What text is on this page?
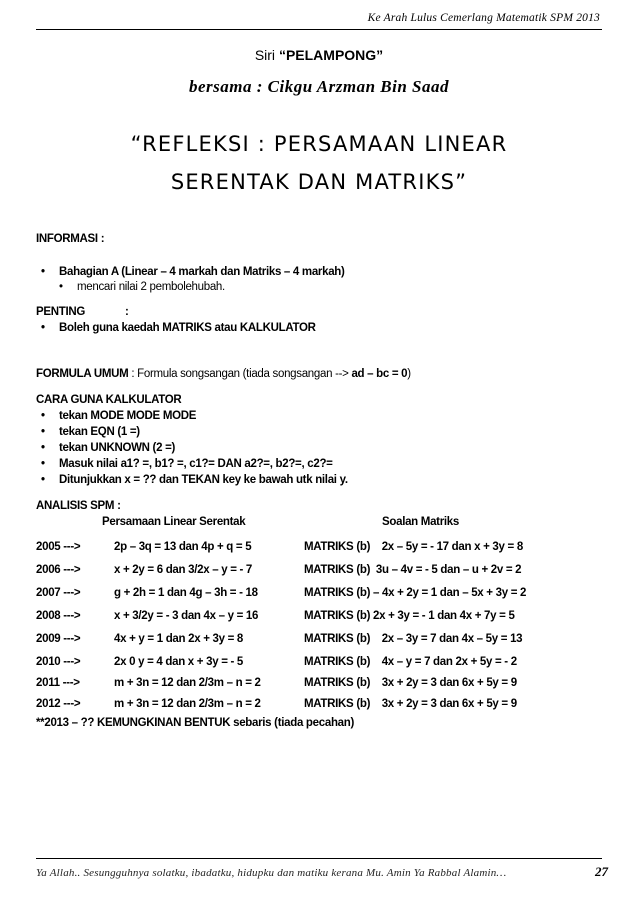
Ke Arah Lulus Cemerlang Matematik SPM 2013
Siri “PELAMPONG”
bersama : Cikgu Arzman Bin Saad
“REFLEKSI : PERSAMAAN LINEAR
SERENTAK DAN MATRIKS”
INFORMASI :
• Bahagian A (Linear – 4 markah dan Matriks – 4 markah)
• mencari nilai 2 pembolehubah.
PENTING	:
• Boleh guna kaedah MATRIKS atau KALKULATOR
FORMULA UMUM : Formula songsangan (tiada songsangan --> ad – bc = 0)
CARA GUNA KALKULATOR
• tekan MODE MODE MODE
• tekan EQN (1 =)
• tekan UNKNOWN (2 =)
• Masuk nilai a1? =, b1? =, c1?= DAN a2?=, b2?=, c2?=
• Ditunjukkan x = ?? dan TEKAN key ke bawah utk nilai y.
ANALISIS SPM :
Persamaan Linear Serentak	Soalan Matriks
2005 --->	2p – 3q = 13 dan 4p + q = 5	MATRIKS (b)    2x – 5y = - 17 dan x + 3y = 8
2006 --->	x + 2y = 6 dan 3/2x – y = - 7	MATRIKS (b)  3u – 4v = - 5 dan – u + 2v = 2
2007 --->	g + 2h = 1 dan 4g – 3h = - 18	MATRIKS (b) – 4x + 2y = 1 dan – 5x + 3y = 2
2008 --->	x + 3/2y = - 3 dan 4x – y = 16	MATRIKS (b) 2x + 3y = - 1 dan 4x + 7y = 5
2009 --->	4x + y = 1 dan 2x + 3y = 8	MATRIKS (b)    2x – 3y = 7 dan 4x – 5y = 13
2010 --->	2x 0 y = 4 dan x + 3y = - 5	MATRIKS (b)    4x – y = 7 dan 2x + 5y = - 2
2011 --->	m + 3n = 12 dan 2/3m – n = 2	MATRIKS (b)    3x + 2y = 3 dan 6x + 5y = 9
2012 --->	m + 3n = 12 dan 2/3m – n = 2	MATRIKS (b)    3x + 2y = 3 dan 6x + 5y = 9
**2013 – ?? KEMUNGKINAN BENTUK sebaris (tiada pecahan)
Ya Allah.. Sesungguhnya solatku, ibadatku, hidupku dan matiku kerana Mu. Amin Ya Rabbal Alamin…	27
